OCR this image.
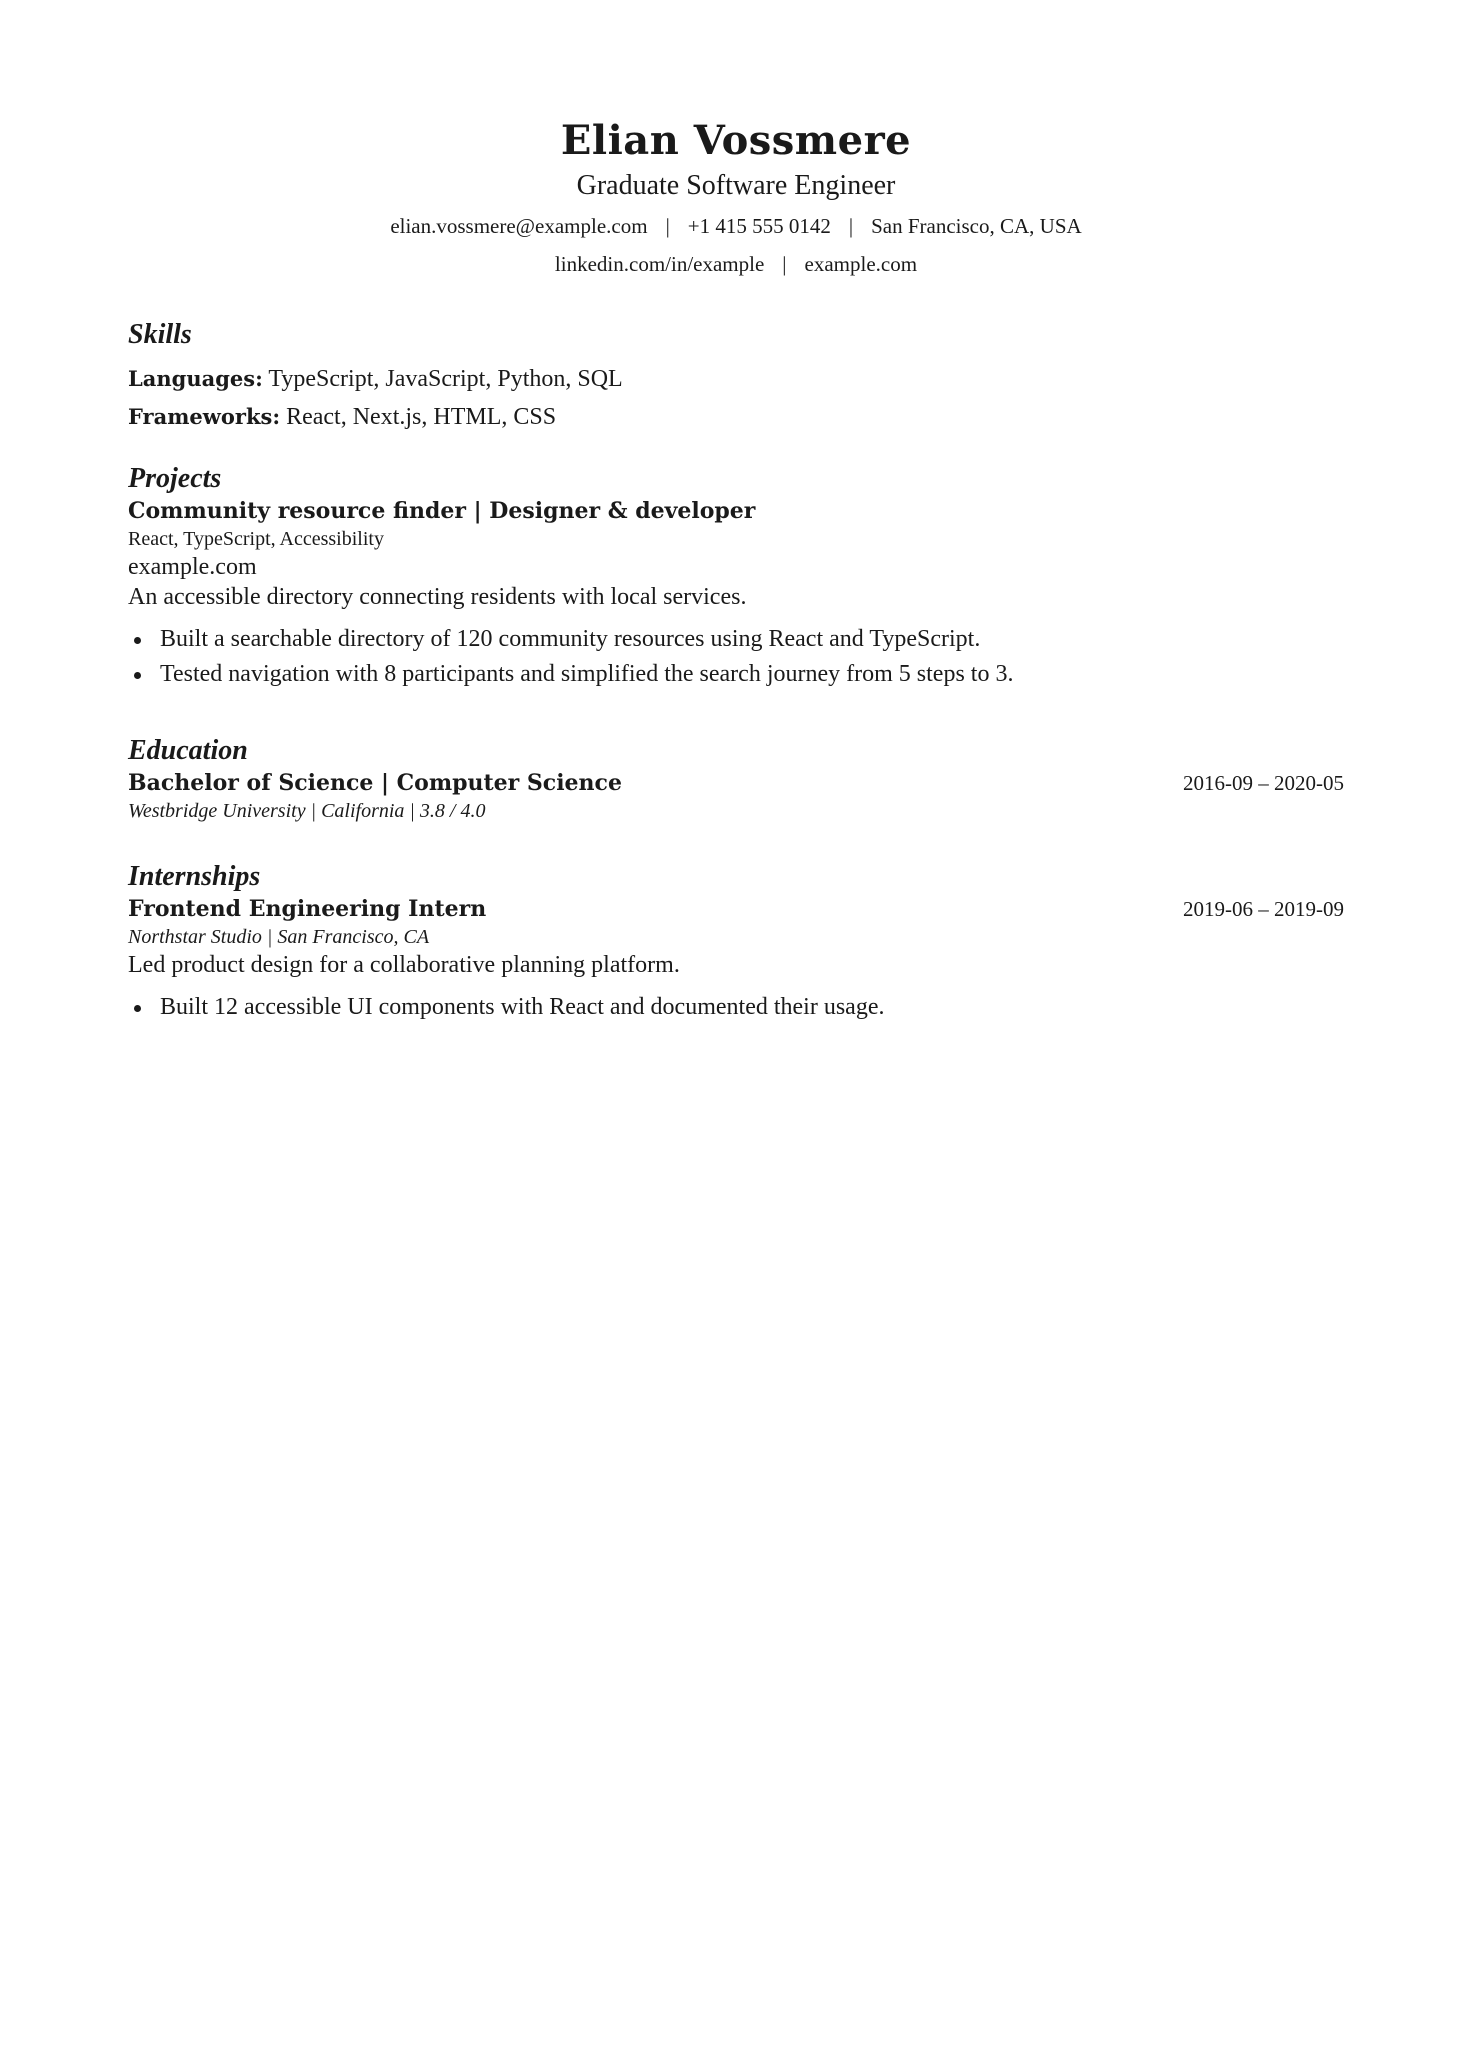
Elian Vossmere
Graduate Software Engineer
elian.vossmere@example.com | +1 415 555 0142 | San Francisco, CA, USA
linkedin.com/in/example | example.com
Skills
Languages: TypeScript, JavaScript, Python, SQL
Frameworks: React, Next.js, HTML, CSS
Projects
Community resource finder | Designer & developer
React, TypeScript, Accessibility
example.com
An accessible directory connecting residents with local services.
Built a searchable directory of 120 community resources using React and TypeScript.
Tested navigation with 8 participants and simplified the search journey from 5 steps to 3.
Education
Bachelor of Science | Computer Science	2016-09 – 2020-05
Westbridge University | California | 3.8 / 4.0
Internships
Frontend Engineering Intern	2019-06 – 2019-09
Northstar Studio | San Francisco, CA
Led product design for a collaborative planning platform.
Built 12 accessible UI components with React and documented their usage.
